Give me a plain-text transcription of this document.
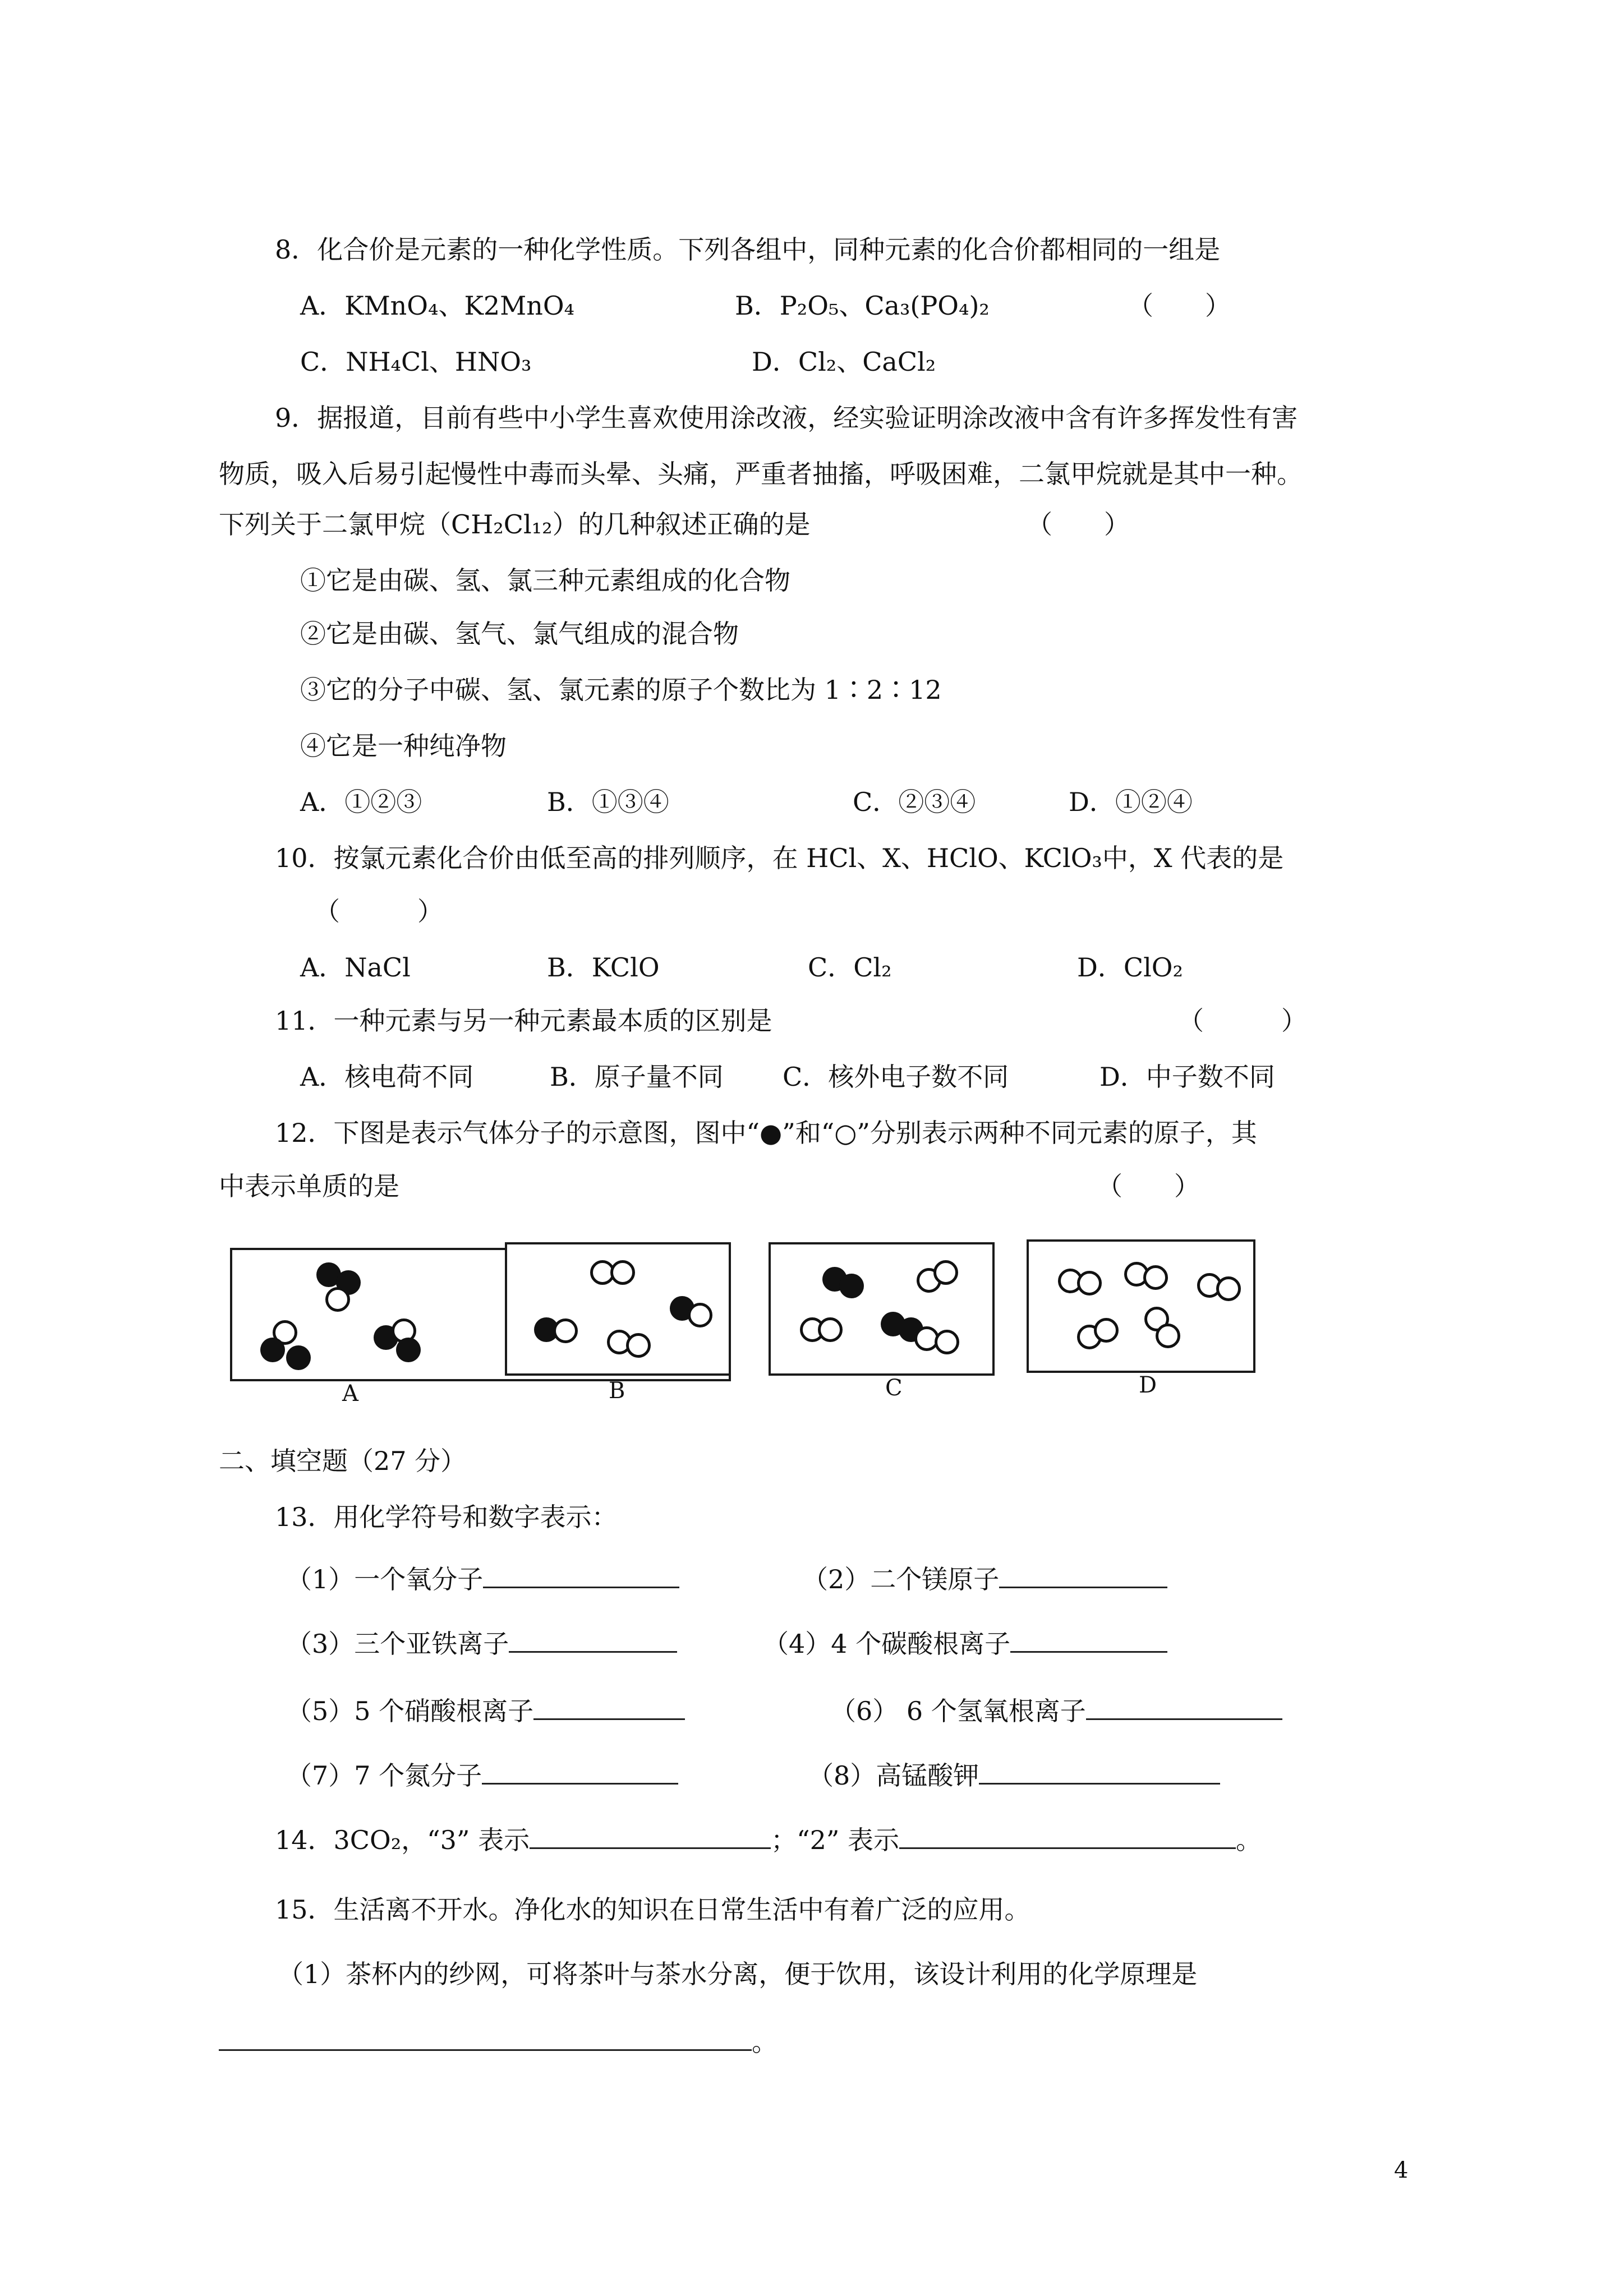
8．化合价是元素的一种化学性质。下列各组中，同种元素的化合价都相同的一组是
A．KMnO₄、K2MnO₄	B．P₂O₅、Ca₃(PO₄)₂	（　　）
C．NH₄Cl、HNO₃	D．Cl₂、CaCl₂
9．据报道，目前有些中小学生喜欢使用涂改液，经实验证明涂改液中含有许多挥发性有害
物质，吸入后易引起慢性中毒而头晕、头痛，严重者抽搐，呼吸困难，二氯甲烷就是其中一种。
下列关于二氯甲烷（CH₂Cl₁₂）的几种叙述正确的是	（　　）
①它是由碳、氢、氯三种元素组成的化合物
②它是由碳、氢气、氯气组成的混合物
③它的分子中碳、氢、氯元素的原子个数比为 1∶2∶12
④它是一种纯净物
A．①②③	B．①③④	C．②③④	D．①②④
10．按氯元素化合价由低至高的排列顺序，在 HCl、X、HClO、KClO₃中，X 代表的是
（　　　）
A．NaCl	B．KClO	C．Cl₂	D．ClO₂
11．一种元素与另一种元素最本质的区别是	（　　　）
A．核电荷不同	B．原子量不同 C．核外电子数不同	D．中子数不同
12．下图是表示气体分子的示意图，图中“●”和“○”分别表示两种不同元素的原子，其
中表示单质的是	（　　）
A	B	C	D
二、填空题（27 分）
13．用化学符号和数字表示：
（1）一个氧分子	（2）二个镁原子
（3）三个亚铁离子	（4）4 个碳酸根离子
（5）5 个硝酸根离子	（6） 6 个氢氧根离子
（7）7 个氮分子	（8）高锰酸钾
14．3CO₂，“3” 表示	；“2” 表示	。
15．生活离不开水。净化水的知识在日常生活中有着广泛的应用。
（1）茶杯内的纱网，可将茶叶与茶水分离，便于饮用，该设计利用的化学原理是
。
4
